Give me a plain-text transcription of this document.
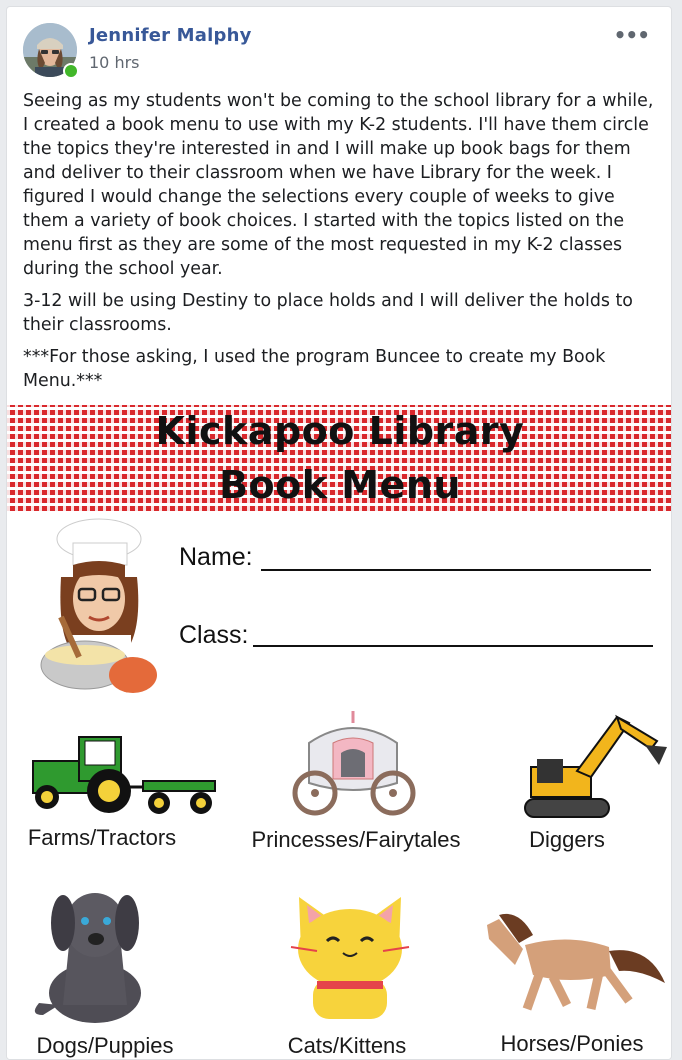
Jennifer Malphy
10 hrs
•••

Seeing as my students won't be coming to the school library for a while, I created a book menu to use with my K-2 students. I'll have them circle the topics they're interested in and I will make up book bags for them and deliver to their classroom when we have Library for the week. I figured I would change the selections every couple of weeks to give them a variety of book choices. I started with the topics listed on the menu first as they are some of the most requested in my K-2 classes during the school year.

3-12 will be using Destiny to place holds and I will deliver the holds to their classrooms.

***For those asking, I used the program Buncee to create my Book Menu.***

Kickapoo Library
Book Menu
Name:
Class:
Farms/Tractors	Princesses/Fairytales	Diggers
Dogs/Puppies	Cats/Kittens	Horses/Ponies
